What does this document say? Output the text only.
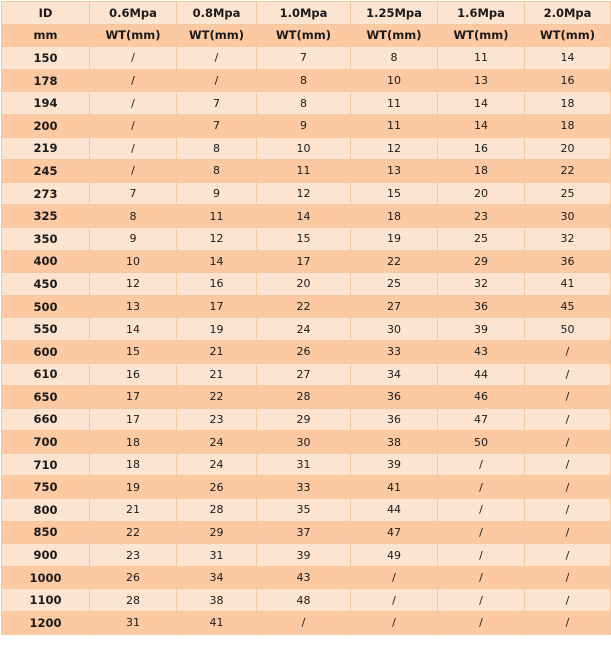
ID	0.6Mpa	0.8Mpa	1.0Mpa	1.25Mpa	1.6Mpa	2.0Mpa
mm	WT(mm)	WT(mm)	WT(mm)	WT(mm)	WT(mm)	WT(mm)
150	/	/	7	8	11	14
178	/	/	8	10	13	16
194	/	7	8	11	14	18
200	/	7	9	11	14	18
219	/	8	10	12	16	20
245	/	8	11	13	18	22
273	7	9	12	15	20	25
325	8	11	14	18	23	30
350	9	12	15	19	25	32
400	10	14	17	22	29	36
450	12	16	20	25	32	41
500	13	17	22	27	36	45
550	14	19	24	30	39	50
600	15	21	26	33	43	/
610	16	21	27	34	44	/
650	17	22	28	36	46	/
660	17	23	29	36	47	/
700	18	24	30	38	50	/
710	18	24	31	39	/	/
750	19	26	33	41	/	/
800	21	28	35	44	/	/
850	22	29	37	47	/	/
900	23	31	39	49	/	/
1000	26	34	43	/	/	/
1100	28	38	48	/	/	/
1200	31	41	/	/	/	/
